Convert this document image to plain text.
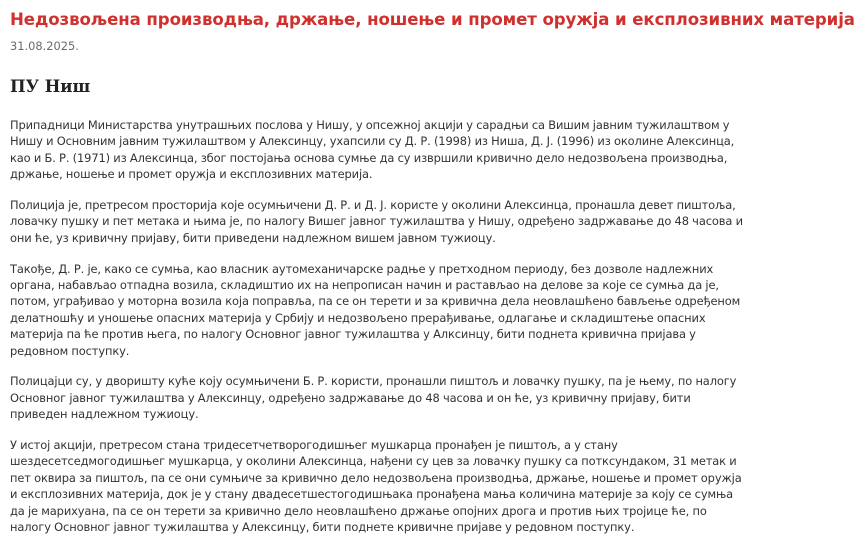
Недозвољена производња, држање, ношење и промет оружја и експлозивних материја
31.08.2025.
ПУ Ниш

Припадници Министарства унутрашњих послова у Нишу, у опсежној акцији у сарадњи са Вишим јавним тужилаштвом у Нишу и Основним јавним тужилаштвом у Алексинцу, ухапсили су Д. Р. (1998) из Ниша, Д. Ј. (1996) из околине Алексинца, као и Б. Р. (1971) из Алексинца, због постојања основа сумње да су извршили кривично дело недозвољена производња, држање, ношење и промет оружја и експлозивних материја.

Полиција је, претресом просторија које осумњичени Д. Р. и Д. Ј. користе у околини Алексинца, пронашла девет пиштоља, ловачку пушку и пет метака и њима је, по налогу Вишег јавног тужилаштва у Нишу, одређено задржавање до 48 часова и они ће, уз кривичну пријаву, бити приведени надлежном вишем јавном тужиоцу.

Такође, Д. Р. је, како се сумња, као власник аутомеханичарске радње у претходном периоду, без дозволе надлежних органа, набављао отпадна возила, складиштио их на непрописан начин и растављао на делове за које се сумња да је, потом, уграђивао у моторна возила која поправља, па се он терети и за кривична дела неовлашћено бављење одређеном делатношћу и уношење опасних материја у Србију и недозвољено прерађивање, одлагање и складиштење опасних материја па ће против њега, по налогу Основног јавног тужилаштва у Алксинцу, бити поднета кривична пријава у редовном поступку.

Полицајци су, у дворишту куће коју осумњичени Б. Р. користи, пронашли пиштољ и ловачку пушку, па је њему, по налогу Основног јавног тужилаштва у Алексинцу, одређено задржавање до 48 часова и он ће, уз кривичну пријаву, бити приведен надлежном тужиоцу.

У истој акцији, претресом стана тридесетчетворогодишњег мушкарца пронађен је пиштољ, а у стану шездесетседмогодишњег мушкарца, у околини Алексинца, нађени су цев за ловачку пушку са потксундаком, 31 метак и пет оквира за пиштољ, па се они сумњиче за кривично дело недозвољена производња, држање, ношење и промет оружја и експлозивних материја, док је у стану двадесетшестогодишњака пронађена мања количина материје за коју се сумња да је марихуана, па се он терети за кривично дело неовлашћено држање опојних дрога и против њих тројице ће, по налогу Основног јавног тужилаштва у Алексинцу, бити поднете кривичне пријаве у редовном поступку.
